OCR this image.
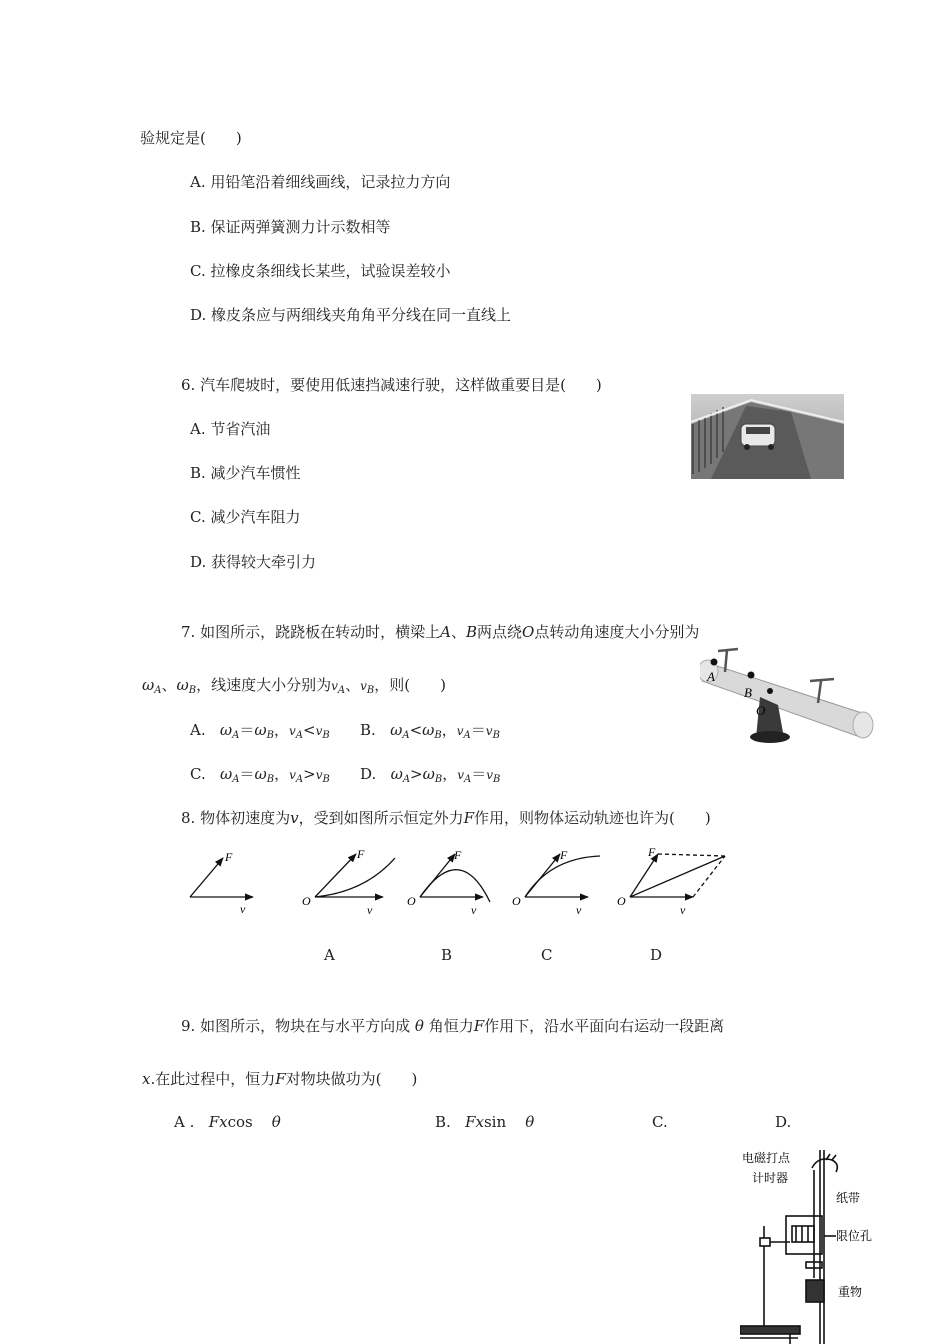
验规定是(　　)
A. 用铅笔沿着细线画线，记录拉力方向
B. 保证两弹簧测力计示数相等
C. 拉橡皮条细线长某些，试验误差较小
D. 橡皮条应与两细线夹角角平分线在同一直线上
6. 汽车爬坡时，要使用低速挡减速行驶，这样做重要目是(　　)
A. 节省汽油
B. 减少汽车惯性
C. 减少汽车阻力
D. 获得较大牵引力
7. 如图所示，跷跷板在转动时，横梁上A、B两点绕O点转动角速度大小分别为
$\omega_A$、$\omega_B$，线速度大小分别为$v_A$、$v_B$，则(　　)
A. $\omega_A=\omega_B$，$v_A<v_B$ B. $\omega_A<\omega_B$，$v_A=v_B$
C. $\omega_A=\omega_B$，$v_A>v_B$ D. $\omega_A>\omega_B$，$v_A=v_B$
A
B
O
8. 物体初速度为v，受到如图所示恒定外力F作用，则物体运动轨迹也许为(　　)
F
v
O
F
v
O
F
v
O
F
v
O
F
v
A	B	C	D
9. 如图所示，物块在与水平方向成 θ 角恒力F作用下，沿水平面向右运动一段距离
x.在此过程中，恒力F对物块做功为(　　)
A . Fxcos θ	B. Fxsin θ	C.	D.
电磁打点
计时器
纸带
限位孔
重物
